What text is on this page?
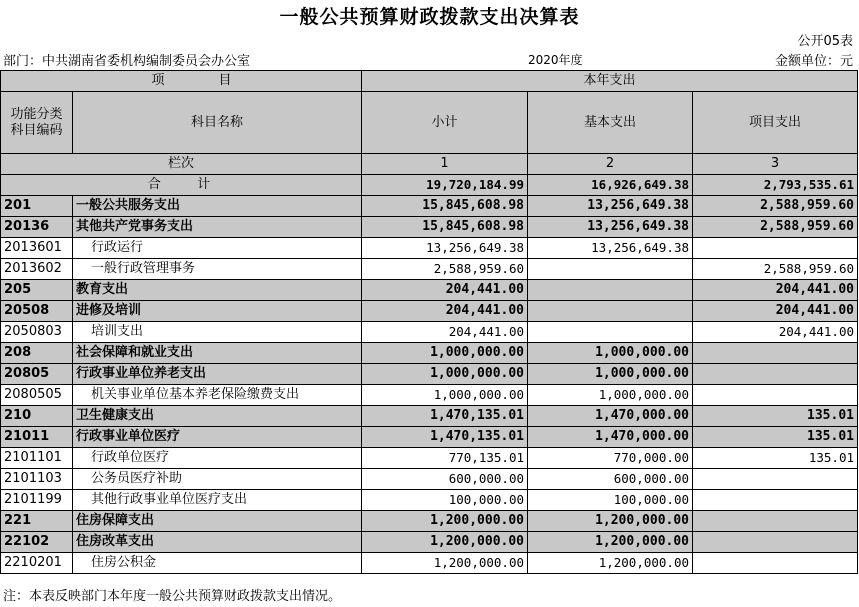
一般公共预算财政拨款支出决算表
公开05表
部门：中共湖南省委机构编制委员会办公室	2020年度	金额单位：元
项 目		本年支出		
功能分类
科目编码	科目名称	小计	基本支出	项目支出
栏次		1	2	3
合    计		19,720,184.99	16,926,649.38	2,793,535.61
201	一般公共服务支出	15,845,608.98	13,256,649.38	2,588,959.60
20136	其他共产党事务支出	15,845,608.98	13,256,649.38	2,588,959.60
2013601	行政运行	13,256,649.38	13,256,649.38	
2013602	一般行政管理事务	2,588,959.60		2,588,959.60
205	教育支出	204,441.00		204,441.00
20508	进修及培训	204,441.00		204,441.00
2050803	培训支出	204,441.00		204,441.00
208	社会保障和就业支出	1,000,000.00	1,000,000.00	
20805	行政事业单位养老支出	1,000,000.00	1,000,000.00	
2080505	机关事业单位基本养老保险缴费支出	1,000,000.00	1,000,000.00	
210	卫生健康支出	1,470,135.01	1,470,000.00	135.01
21011	行政事业单位医疗	1,470,135.01	1,470,000.00	135.01
2101101	行政单位医疗	770,135.01	770,000.00	135.01
2101103	公务员医疗补助	600,000.00	600,000.00	
2101199	其他行政事业单位医疗支出	100,000.00	100,000.00	
221	住房保障支出	1,200,000.00	1,200,000.00	
22102	住房改革支出	1,200,000.00	1,200,000.00	
2210201	住房公积金	1,200,000.00	1,200,000.00	
注：本表反映部门本年度一般公共预算财政拨款支出情况。
